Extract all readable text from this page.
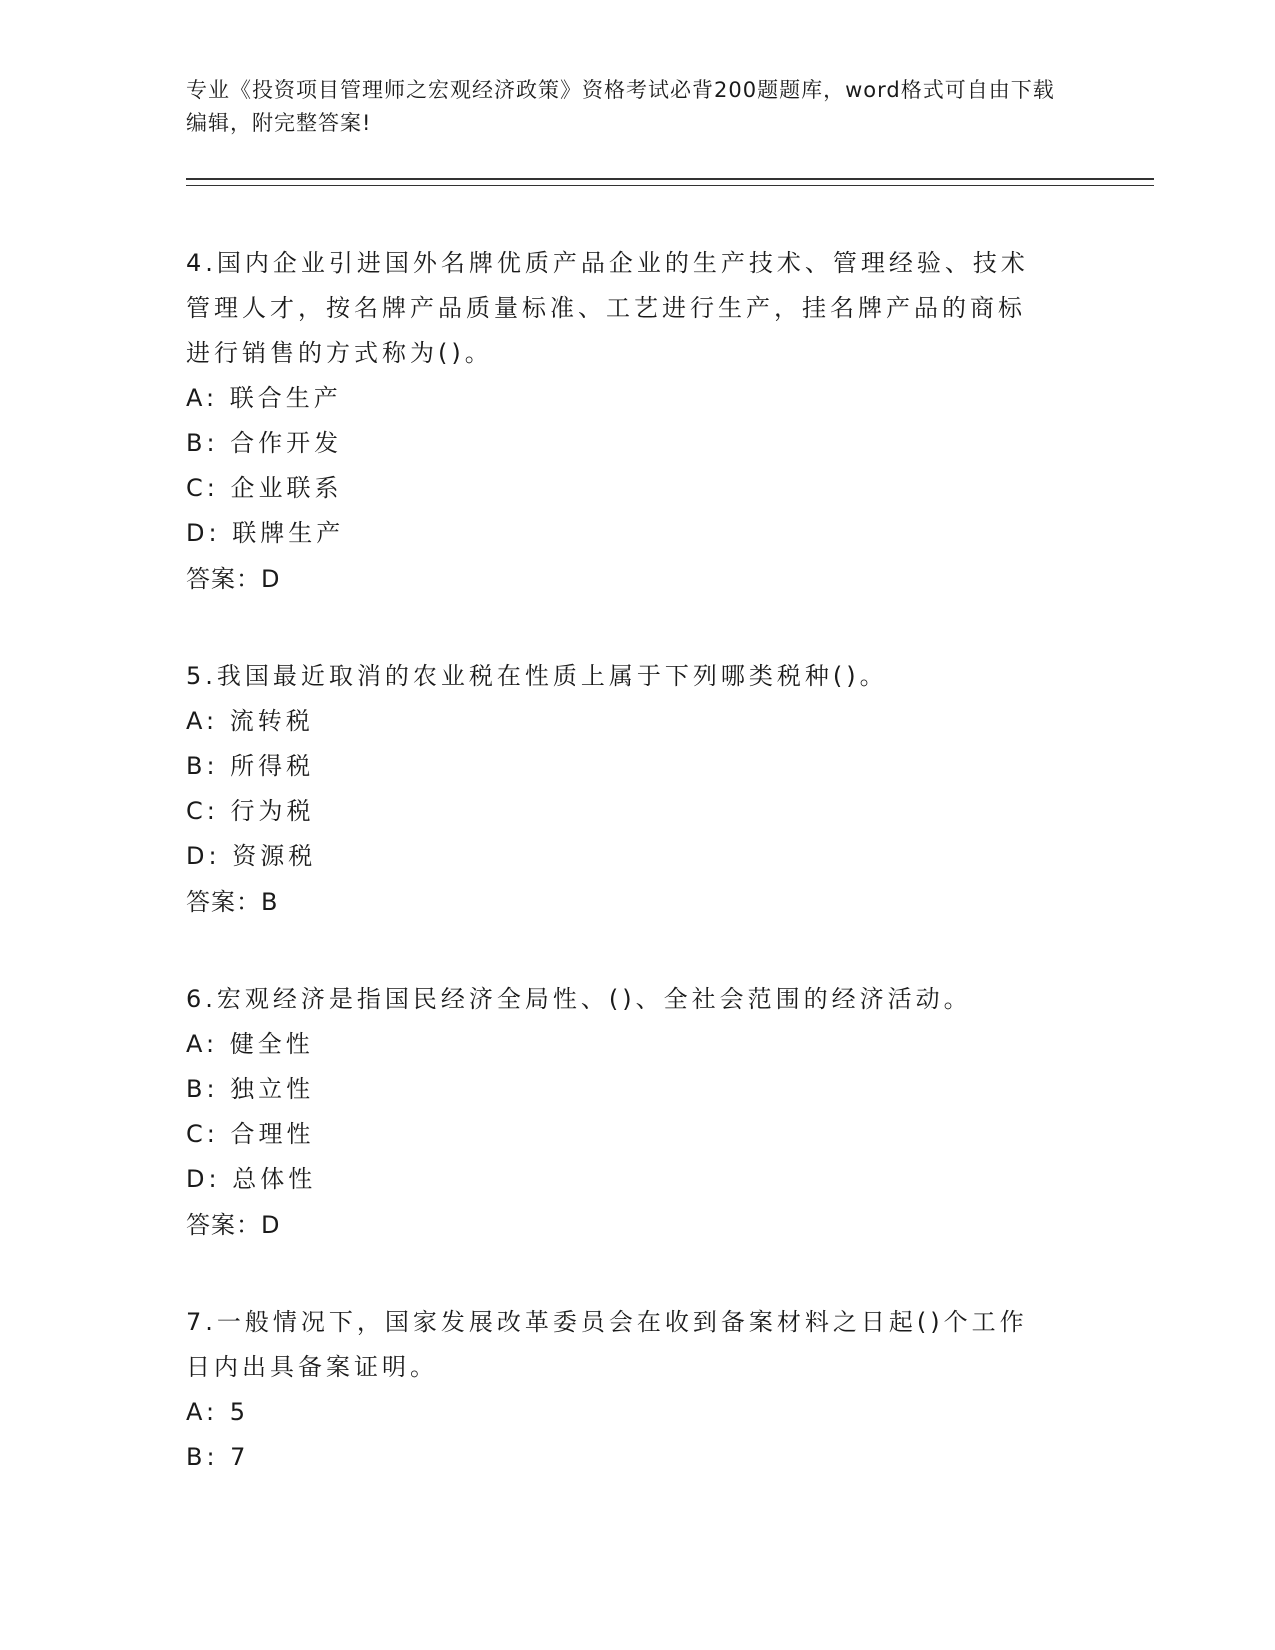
专业《投资项目管理师之宏观经济政策》资格考试必背200题题库，word格式可自由下载编辑，附完整答案!
4.国内企业引进国外名牌优质产品企业的生产技术、管理经验、技术管理人才，按名牌产品质量标准、工艺进行生产，挂名牌产品的商标进行销售的方式称为()。
A: 联合生产
B: 合作开发
C: 企业联系
D: 联牌生产
答案：D
5.我国最近取消的农业税在性质上属于下列哪类税种()。
A: 流转税
B: 所得税
C: 行为税
D: 资源税
答案：B
6.宏观经济是指国民经济全局性、()、全社会范围的经济活动。
A: 健全性
B: 独立性
C: 合理性
D: 总体性
答案：D
7.一般情况下，国家发展改革委员会在收到备案材料之日起()个工作日内出具备案证明。
A: 5
B: 7
